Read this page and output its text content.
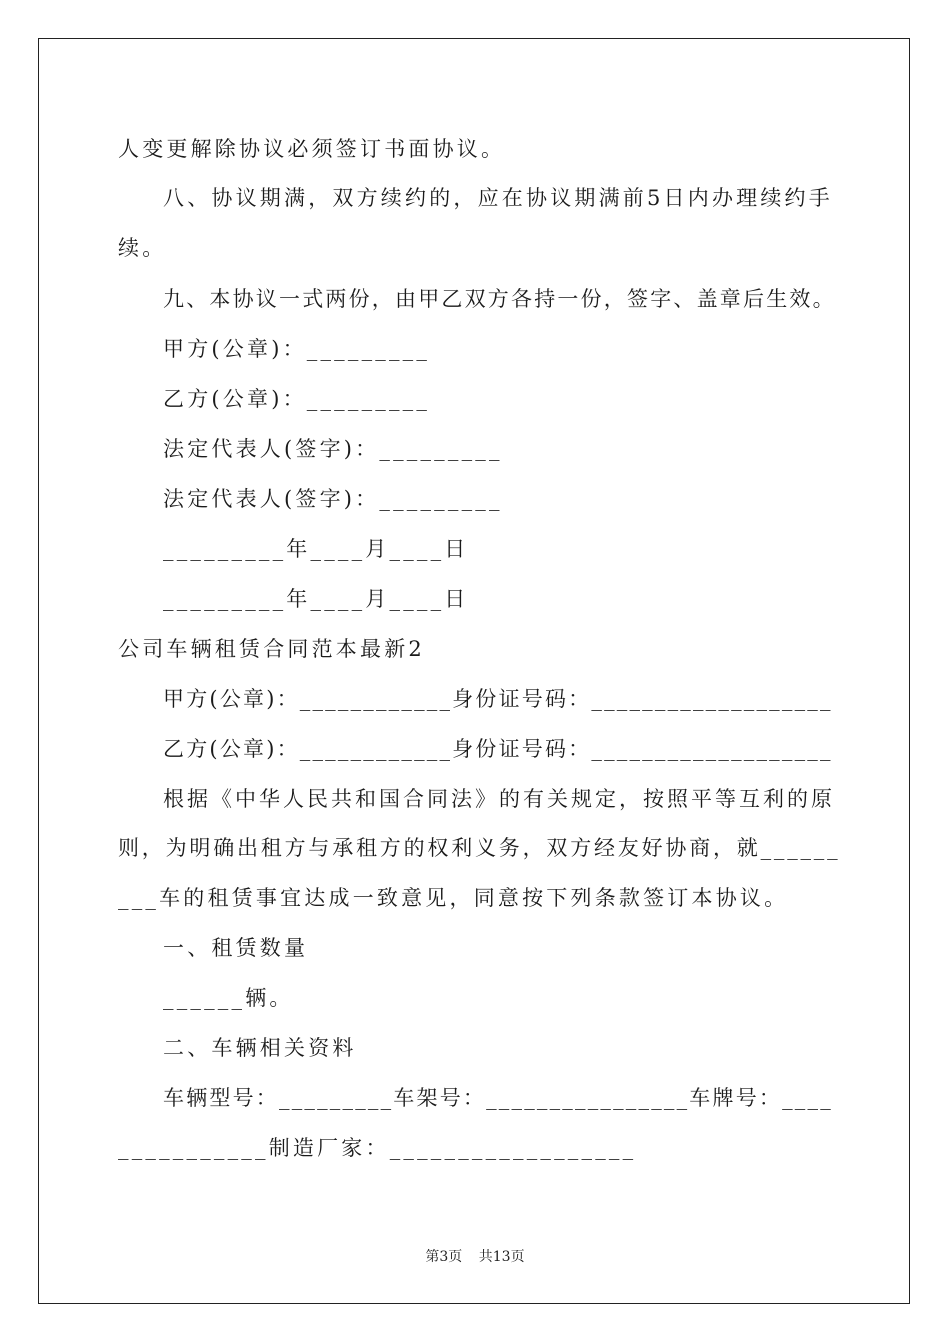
人变更解除协议必须签订书面协议。
八、协议期满，双方续约的，应在协议期满前5日内办理续约手
续。
九、本协议一式两份，由甲乙双方各持一份，签字、盖章后生效。
甲方(公章)：_________
乙方(公章)：_________
法定代表人(签字)：_________
法定代表人(签字)：_________
_________年____月____日
_________年____月____日
公司车辆租赁合同范本最新2
甲方(公章)：____________身份证号码：___________________
乙方(公章)：____________身份证号码：___________________
根据《中华人民共和国合同法》的有关规定，按照平等互利的原
则，为明确出租方与承租方的权利义务，双方经友好协商，就______
___车的租赁事宜达成一致意见，同意按下列条款签订本协议。
一、租赁数量
______辆。
二、车辆相关资料
车辆型号：_________车架号：________________车牌号：____
___________制造厂家：__________________
第3页 共13页
